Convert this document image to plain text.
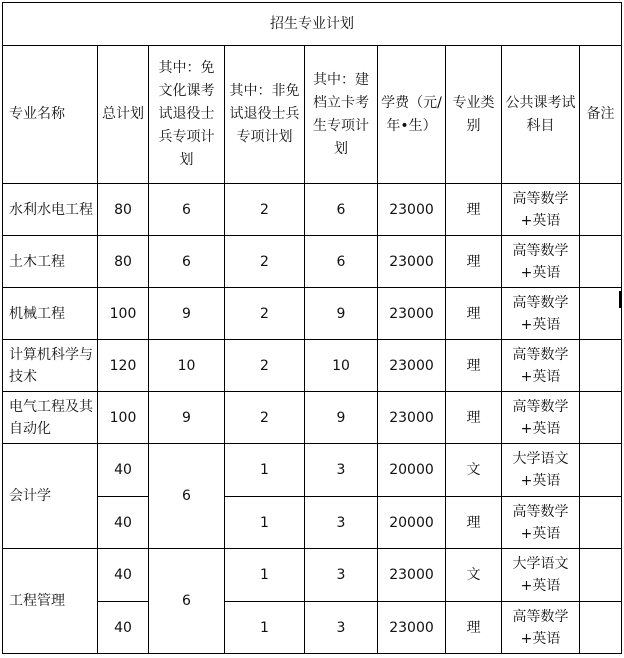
招生专业计划								
专业名称	总计划	其中：免文化课考试退役士兵专项计划	其中：非免试退役士兵专项计划	其中：建档立卡考生专项计划	学费（元/年•生）	专业类别	公共课考试科目	备注
水利水电工程	80	6	2	6	23000	理	高等数学+英语	
土木工程	80	6	2	6	23000	理	高等数学+英语	
机械工程	100	9	2	9	23000	理	高等数学+英语	
计算机科学与技术	120	10	2	10	23000	理	高等数学+英语	
电气工程及其自动化	100	9	2	9	23000	理	高等数学+英语	
会计学	40	6	1	3	20000	文	大学语文+英语	
	40		1	3	20000	理	高等数学+英语	
工程管理	40	6	1	3	23000	文	大学语文+英语	
	40		1	3	23000	理	高等数学+英语	
